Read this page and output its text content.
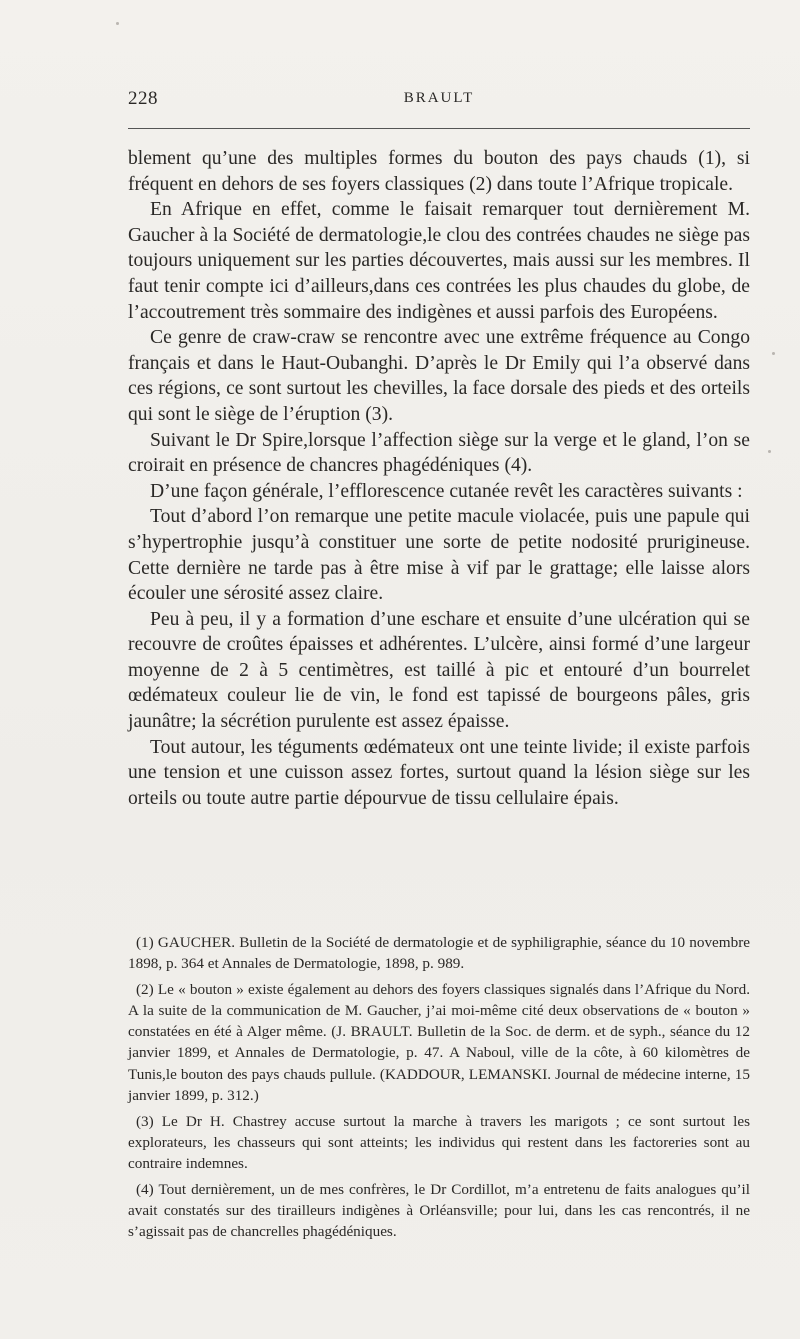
228	BRAULT

blement qu’une des multiples formes du bouton des pays chauds (1), si fréquent en dehors de ses foyers classiques (2) dans toute l’Afrique tropicale.

En Afrique en effet, comme le faisait remarquer tout dernièrement M. Gaucher à la Société de dermatologie,le clou des contrées chaudes ne siège pas toujours uniquement sur les parties découvertes, mais aussi sur les membres. Il faut tenir compte ici d’ailleurs,dans ces contrées les plus chaudes du globe, de l’accoutrement très sommaire des indigènes et aussi parfois des Européens.

Ce genre de craw-craw se rencontre avec une extrême fréquence au Congo français et dans le Haut-Oubanghi. D’après le Dr Emily qui l’a observé dans ces régions, ce sont surtout les chevilles, la face dorsale des pieds et des orteils qui sont le siège de l’éruption (3).

Suivant le Dr Spire,lorsque l’affection siège sur la verge et le gland, l’on se croirait en présence de chancres phagédéniques (4).

D’une façon générale, l’efflorescence cutanée revêt les caractères suivants :

Tout d’abord l’on remarque une petite macule violacée, puis une papule qui s’hypertrophie jusqu’à constituer une sorte de petite nodosité prurigineuse. Cette dernière ne tarde pas à être mise à vif par le grattage; elle laisse alors écouler une sérosité assez claire.

Peu à peu, il y a formation d’une eschare et ensuite d’une ulcération qui se recouvre de croûtes épaisses et adhérentes. L’ulcère, ainsi formé d’une largeur moyenne de 2 à 5 centimètres, est taillé à pic et entouré d’un bourrelet œdémateux couleur lie de vin, le fond est tapissé de bourgeons pâles, gris jaunâtre; la sécrétion purulente est assez épaisse.

Tout autour, les téguments œdémateux ont une teinte livide; il existe parfois une tension et une cuisson assez fortes, surtout quand la lésion siège sur les orteils ou toute autre partie dépourvue de tissu cellulaire épais.

(1) GAUCHER. Bulletin de la Société de dermatologie et de syphiligraphie, séance du 10 novembre 1898, p. 364 et Annales de Dermatologie, 1898, p. 989.

(2) Le « bouton » existe également au dehors des foyers classiques signalés dans l’Afrique du Nord. A la suite de la communication de M. Gaucher, j’ai moi-même cité deux observations de « bouton » constatées en été à Alger même. (J. BRAULT. Bulletin de la Soc. de derm. et de syph., séance du 12 janvier 1899, et Annales de Dermatologie, p. 47. A Naboul, ville de la côte, à 60 kilomètres de Tunis,le bouton des pays chauds pullule. (KADDOUR, LEMANSKI. Journal de médecine interne, 15 janvier 1899, p. 312.)

(3) Le Dr H. Chastrey accuse surtout la marche à travers les marigots ; ce sont surtout les explorateurs, les chasseurs qui sont atteints; les individus qui restent dans les factoreries sont au contraire indemnes.

(4) Tout dernièrement, un de mes confrères, le Dr Cordillot, m’a entretenu de faits analogues qu’il avait constatés sur des tirailleurs indigènes à Orléansville; pour lui, dans les cas rencontrés, il ne s’agissait pas de chancrelles phagédéniques.
